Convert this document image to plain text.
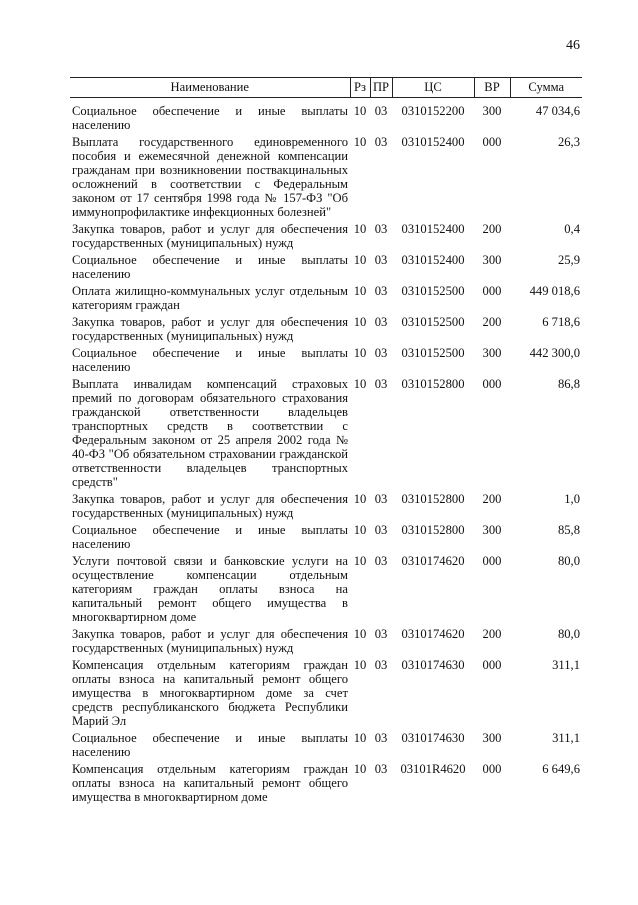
46
Наименование	Рз	ПР	ЦС	ВР	Сумма
Социальное обеспечение и иные выплаты населению	10	03	0310152200	300	47 034,6
Выплата государственного единовременного пособия и ежемесячной денежной компенсации гражданам при возникновении поствакцинальных осложнений в соответствии с Федеральным законом от 17 сентября 1998 года № 157-ФЗ "Об иммунопрофилактике инфекционных болезней"	10	03	0310152400	000	26,3
Закупка товаров, работ и услуг для обеспечения государственных (муниципальных) нужд	10	03	0310152400	200	0,4
Социальное обеспечение и иные выплаты населению	10	03	0310152400	300	25,9
Оплата жилищно-коммунальных услуг отдельным категориям граждан	10	03	0310152500	000	449 018,6
Закупка товаров, работ и услуг для обеспечения государственных (муниципальных) нужд	10	03	0310152500	200	6 718,6
Социальное обеспечение и иные выплаты населению	10	03	0310152500	300	442 300,0
Выплата инвалидам компенсаций страховых премий по договорам обязательного страхования гражданской ответственности владельцев транспортных средств в соответствии с Федеральным законом от 25 апреля 2002 года № 40-ФЗ "Об обязательном страховании гражданской ответственности владельцев транспортных средств"	10	03	0310152800	000	86,8
Закупка товаров, работ и услуг для обеспечения государственных (муниципальных) нужд	10	03	0310152800	200	1,0
Социальное обеспечение и иные выплаты населению	10	03	0310152800	300	85,8
Услуги почтовой связи и банковские услуги на осуществление компенсации отдельным категориям граждан оплаты взноса на капитальный ремонт общего имущества в многоквартирном доме	10	03	0310174620	000	80,0
Закупка товаров, работ и услуг для обеспечения государственных (муниципальных) нужд	10	03	0310174620	200	80,0
Компенсация отдельным категориям граждан оплаты взноса на капитальный ремонт общего имущества в многоквартирном доме за счет средств республиканского бюджета Республики Марий Эл	10	03	0310174630	000	311,1
Социальное обеспечение и иные выплаты населению	10	03	0310174630	300	311,1
Компенсация отдельным категориям граждан оплаты взноса на капитальный ремонт общего имущества в многоквартирном доме	10	03	03101R4620	000	6 649,6
